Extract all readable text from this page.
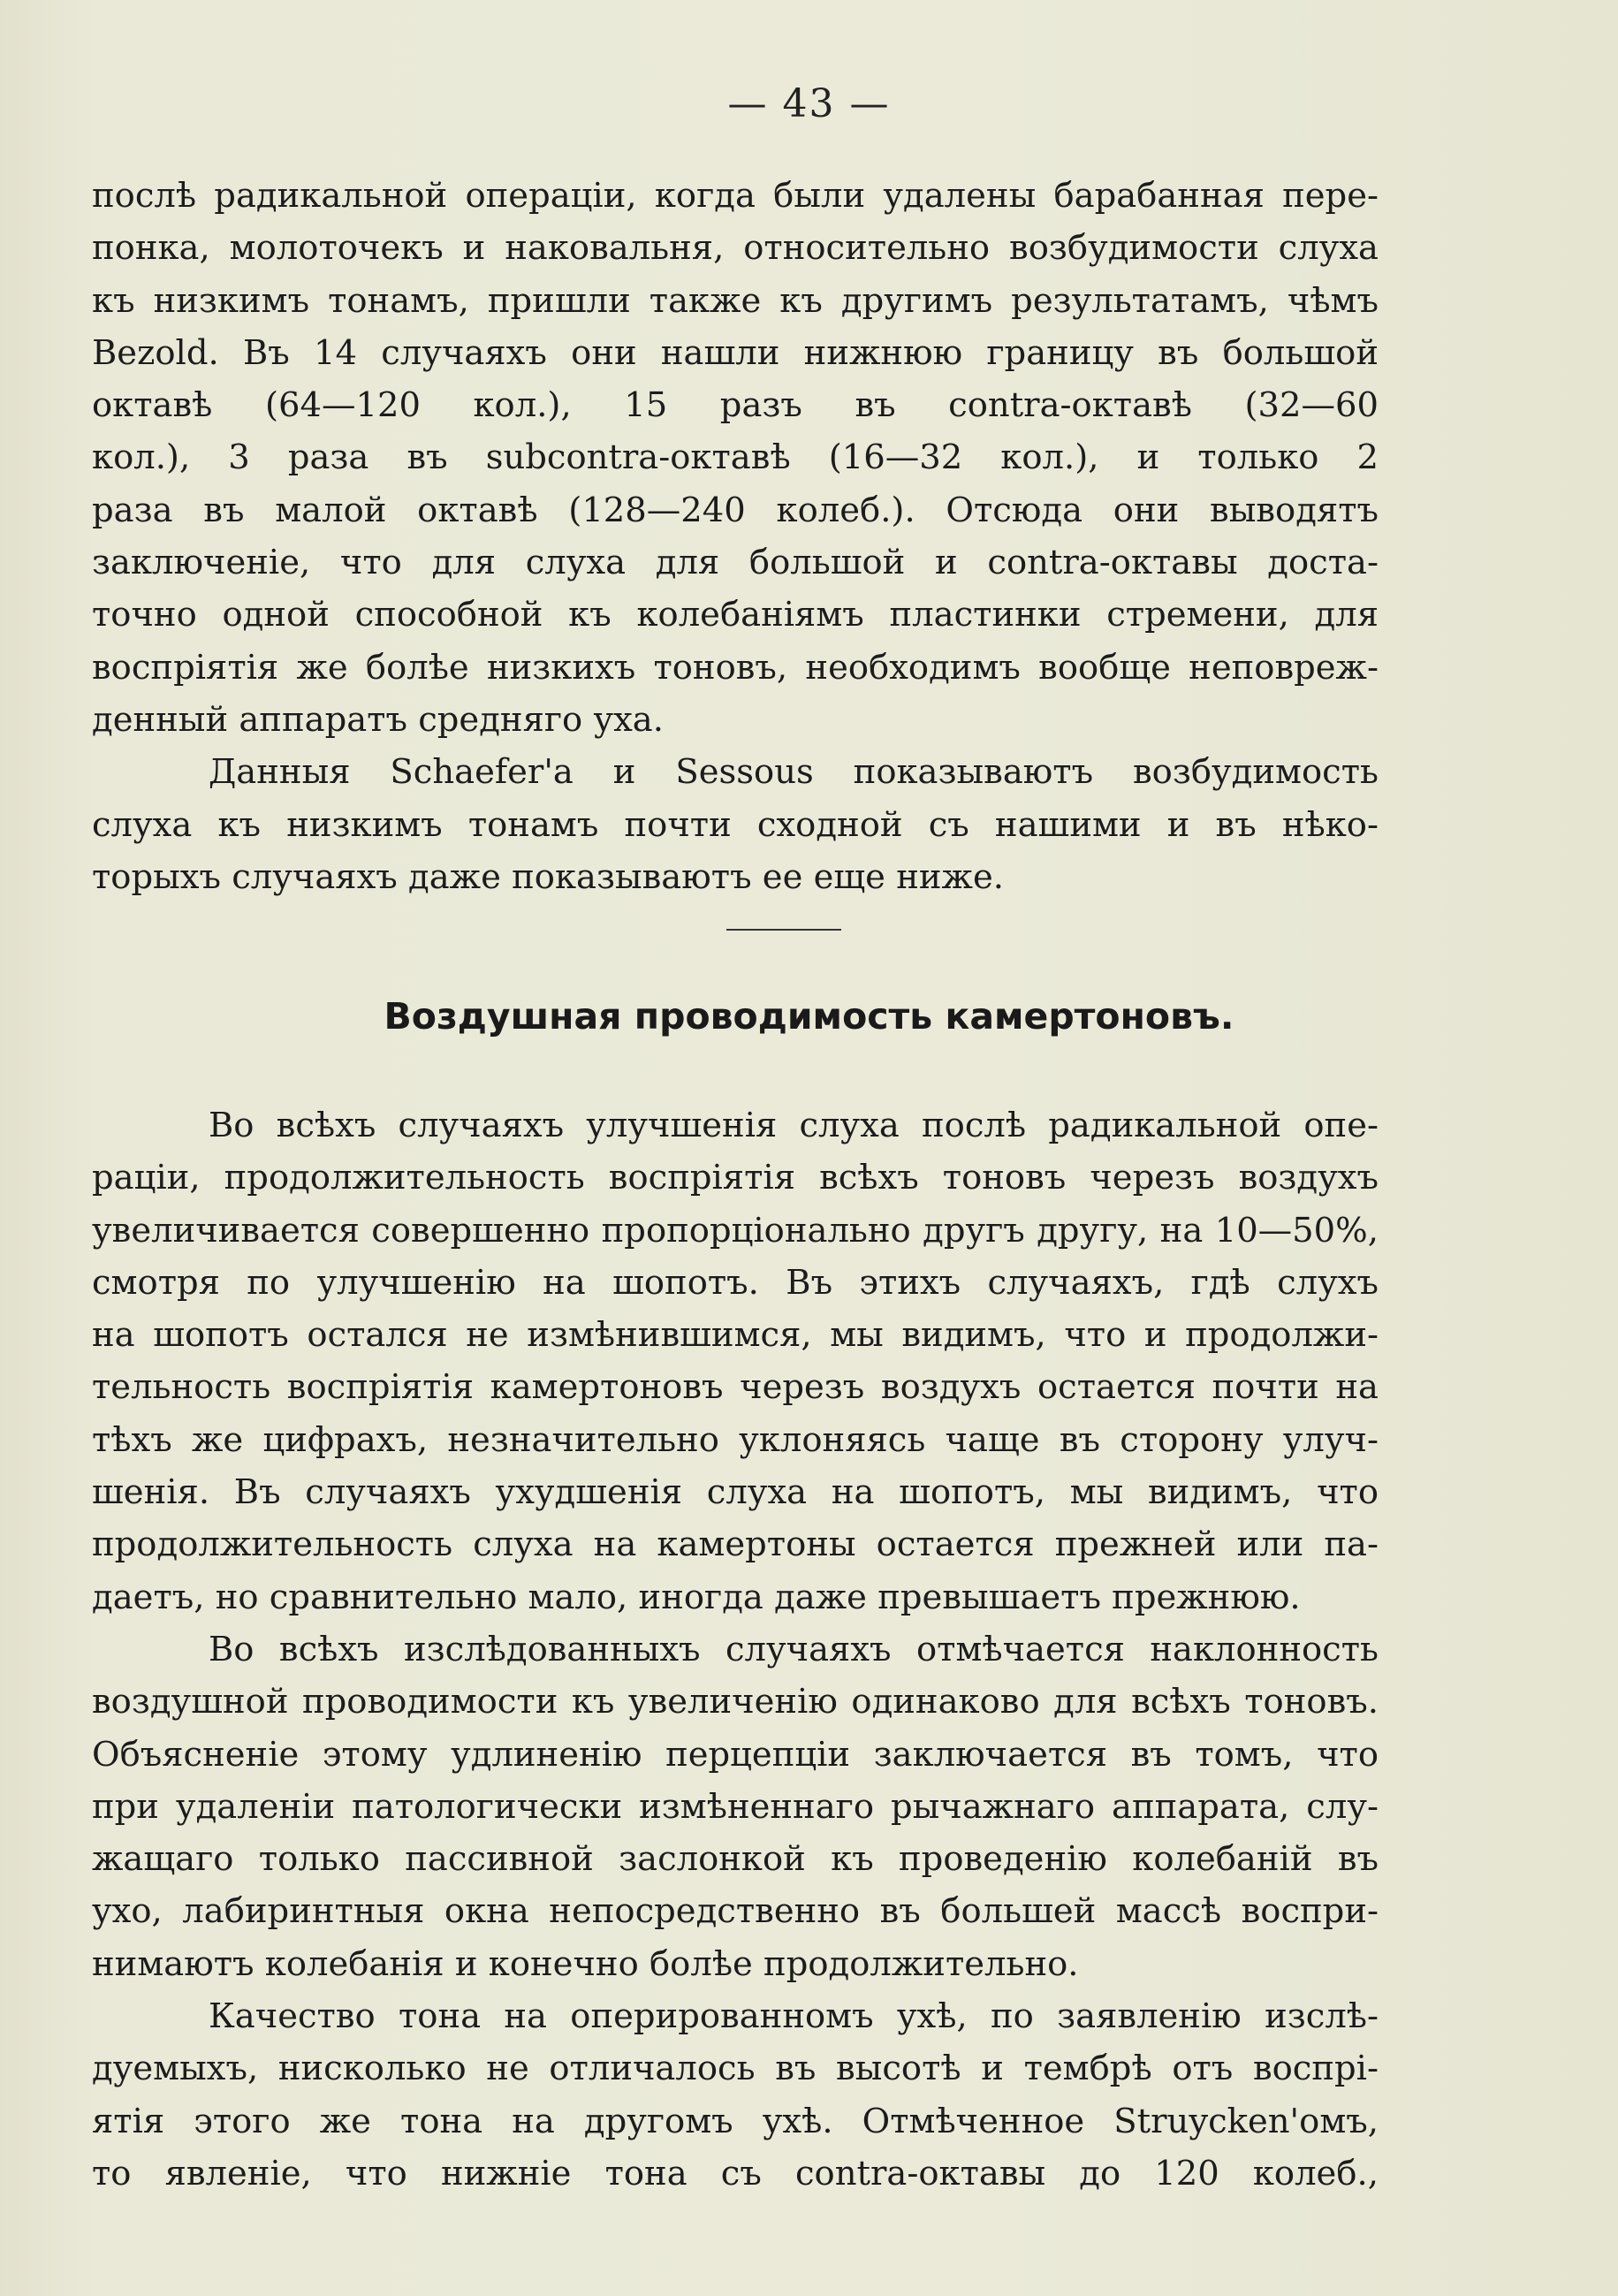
— 43 —
послѣ радикальной операціи, когда были удалены барабанная пере-
понка, молоточекъ и наковальня, относительно возбудимости слуха
къ низкимъ тонамъ, пришли также къ другимъ результатамъ, чѣмъ
Bezold. Въ 14 случаяхъ они нашли нижнюю границу въ большой
октавѣ (64—120 кол.), 15 разъ въ contra-октавѣ (32—60
кол.), 3 раза въ subcontra-октавѣ (16—32 кол.), и только 2
раза въ малой октавѣ (128—240 колеб.). Отсюда они выводятъ
заключеніе, что для слуха для большой и contra-октавы доста-
точно одной способной къ колебаніямъ пластинки стремени, для
воспріятія же болѣе низкихъ тоновъ, необходимъ вообще неповреж-
денный аппаратъ средняго уха.
Данныя Schaefer'a и Sessous показываютъ возбудимость
слуха къ низкимъ тонамъ почти сходной съ нашими и въ нѣко-
торыхъ случаяхъ даже показываютъ ее еще ниже.
Воздушная проводимость камертоновъ.
Во всѣхъ случаяхъ улучшенія слуха послѣ радикальной опе-
раціи, продолжительность воспріятія всѣхъ тоновъ черезъ воздухъ
увеличивается совершенно пропорціонально другъ другу, на 10—50%,
смотря по улучшенію на шопотъ. Въ этихъ случаяхъ, гдѣ слухъ
на шопотъ остался не измѣнившимся, мы видимъ, что и продолжи-
тельность воспріятія камертоновъ черезъ воздухъ остается почти на
тѣхъ же цифрахъ, незначительно уклоняясь чаще въ сторону улуч-
шенія. Въ случаяхъ ухудшенія слуха на шопотъ, мы видимъ, что
продолжительность слуха на камертоны остается прежней или па-
даетъ, но сравнительно мало, иногда даже превышаетъ прежнюю.
Во всѣхъ изслѣдованныхъ случаяхъ отмѣчается наклонность
воздушной проводимости къ увеличенію одинаково для всѣхъ тоновъ.
Объясненіе этому удлиненію перцепціи заключается въ томъ, что
при удаленіи патологически измѣненнаго рычажнаго аппарата, слу-
жащаго только пассивной заслонкой къ проведенію колебаній въ
ухо, лабиринтныя окна непосредственно въ большей массѣ воспри-
нимаютъ колебанія и конечно болѣе продолжительно.
Качество тона на оперированномъ ухѣ, по заявленію изслѣ-
дуемыхъ, нисколько не отличалось въ высотѣ и тембрѣ отъ воспрі-
ятія этого же тона на другомъ ухѣ. Отмѣченное Struycken'омъ,
то явленіе, что нижніе тона съ contra-октавы до 120 колеб.,
